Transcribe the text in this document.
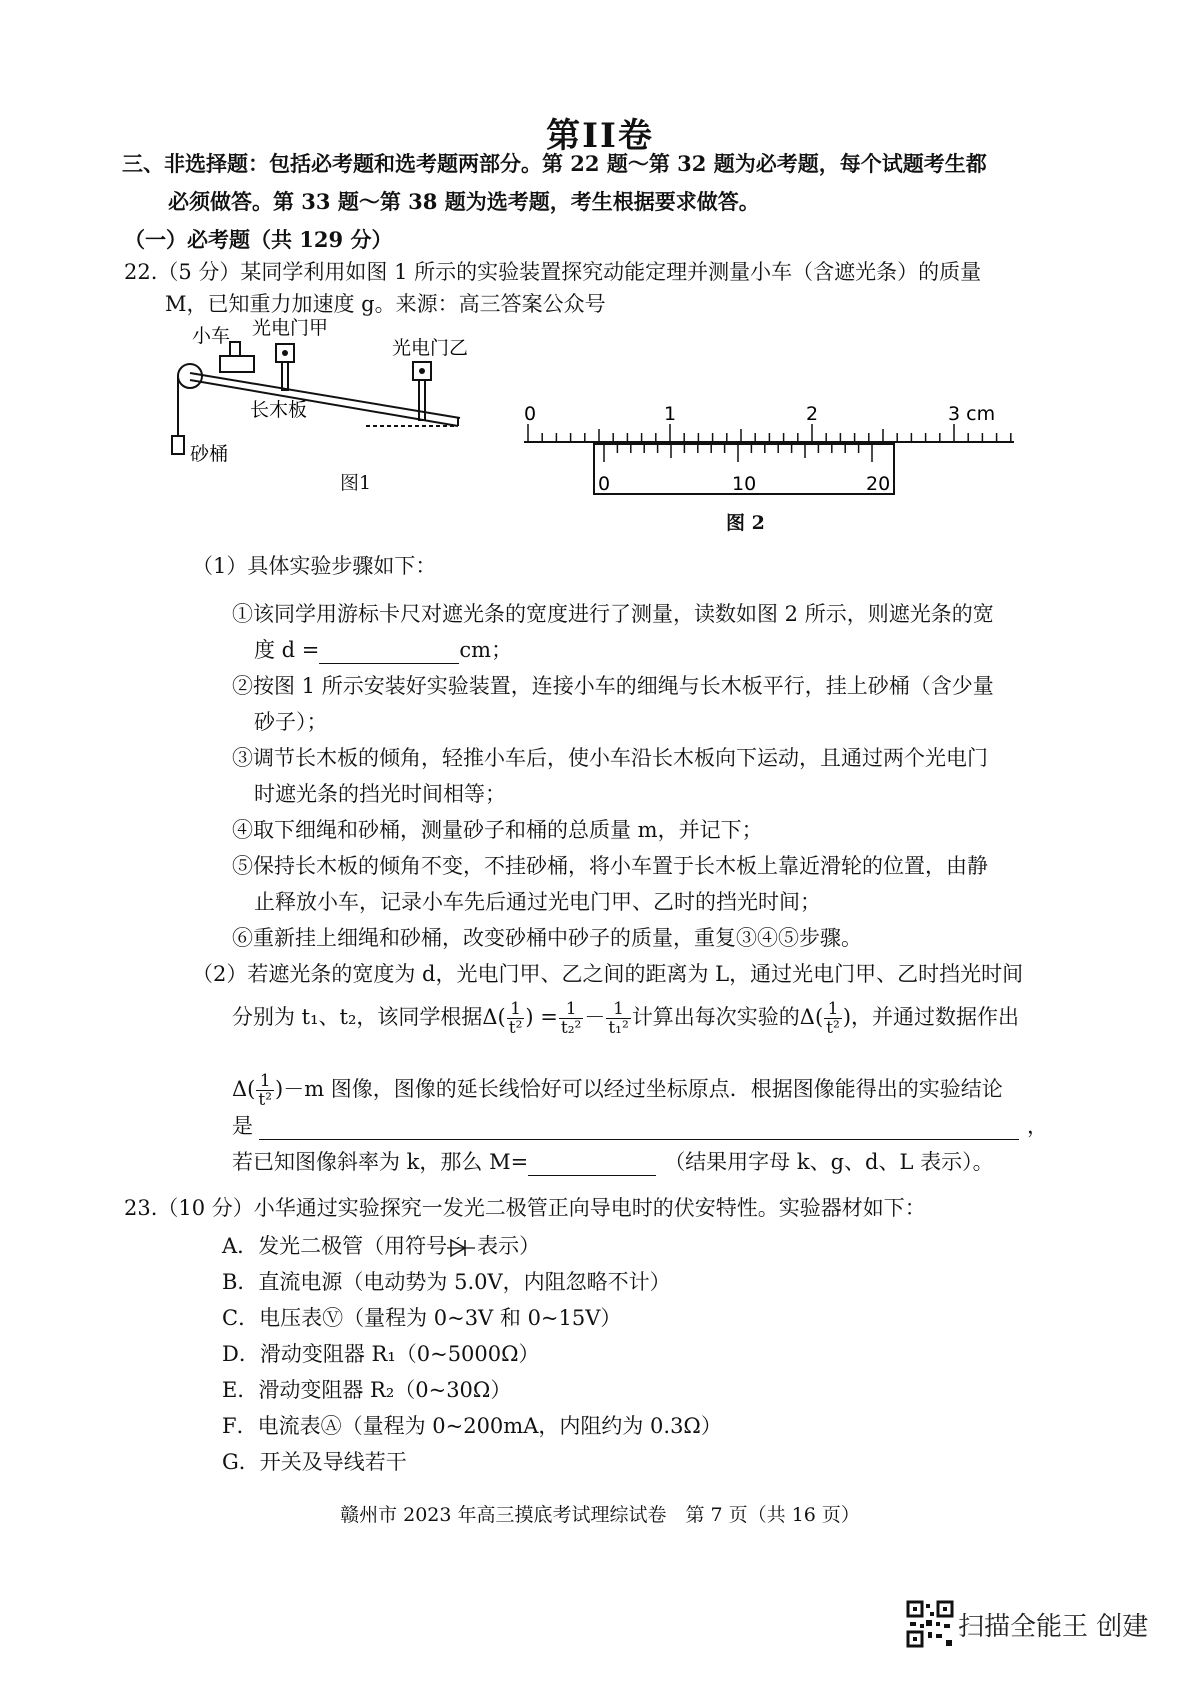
第II卷
三、非选择题：包括必考题和选考题两部分。第 22 题～第 32 题为必考题，每个试题考生都
必须做答。第 33 题～第 38 题为选考题，考生根据要求做答。
（一）必考题（共 129 分）
22.（5 分）某同学利用如图 1 所示的实验装置探究动能定理并测量小车（含遮光条）的质量
M，已知重力加速度 g。来源：高三答案公众号
小车 光电门甲
光电门乙
长木板
砂桶
图1
0	1	2	3 cm
0	10	20
图 2
（1）具体实验步骤如下：
①该同学用游标卡尺对遮光条的宽度进行了测量，读数如图 2 所示，则遮光条的宽
度 d =	cm；
②按图 1 所示安装好实验装置，连接小车的细绳与长木板平行，挂上砂桶（含少量
砂子）；
③调节长木板的倾角，轻推小车后，使小车沿长木板向下运动，且通过两个光电门
时遮光条的挡光时间相等；
④取下细绳和砂桶，测量砂子和桶的总质量 m，并记下；
⑤保持长木板的倾角不变，不挂砂桶，将小车置于长木板上靠近滑轮的位置，由静
止释放小车，记录小车先后通过光电门甲、乙时的挡光时间；
⑥重新挂上细绳和砂桶，改变砂桶中砂子的质量，重复③④⑤步骤。
（2）若遮光条的宽度为 d，光电门甲、乙之间的距离为 L，通过光电门甲、乙时挡光时间
分别为 t₁、t₂，该同学根据$\Delta( \frac{1}{\text{t²}}$ ) = $\frac{1}{\text{t₂²}} - \frac{1}{\text{t₁²}}$ 计算出每次实验的$\Delta( \frac{1}{\text{t²}}$ )，并通过数据作出
$\Delta( \frac{1}{\text{t²}} )-m$ 图像，图像的延长线恰好可以经过坐标原点．根据图像能得出的实验结论
是	，
若已知图像斜率为 k，那么 M=	（结果用字母 k、g、d、L 表示）。
23.（10 分）小华通过实验探究一发光二极管正向导电时的伏安特性。实验器材如下：
A．发光二极管（用符号 表示）
B．直流电源（电动势为 5.0V，内阻忽略不计）
C．电压表Ⓥ（量程为 0~3V 和 0~15V）
D．滑动变阻器 R₁（0~5000Ω）
E．滑动变阻器 R₂（0~30Ω）
F．电流表Ⓐ（量程为 0~200mA，内阻约为 0.3Ω）
G．开关及导线若干
赣州市 2023 年高三摸底考试理综试卷　第 7 页（共 16 页）
扫描全能王 创建
